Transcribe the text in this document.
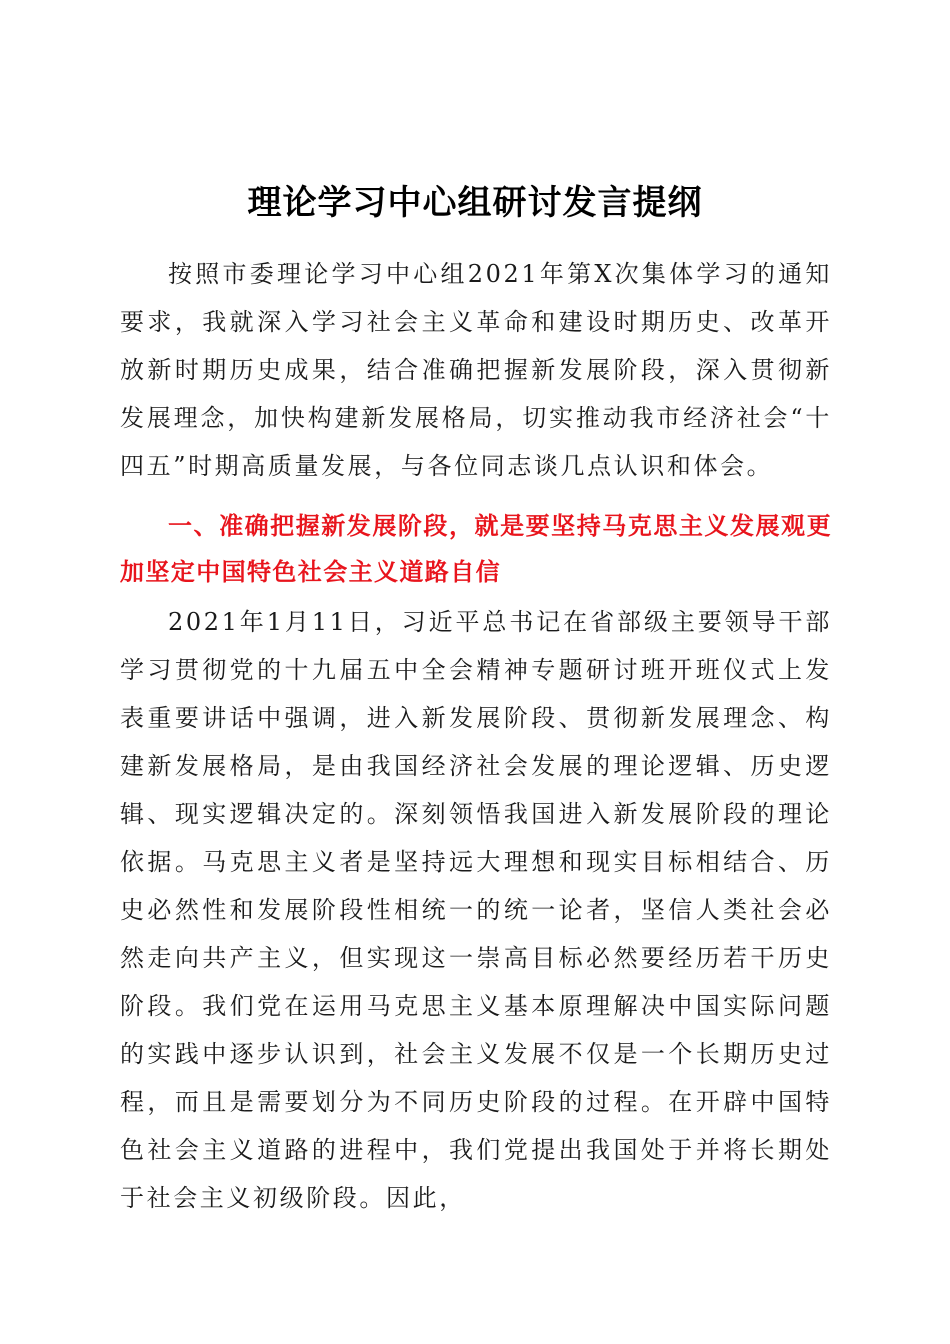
理论学习中心组研讨发言提纲

按照市委理论学习中心组2021年第X次集体学习的通知要求，我就深入学习社会主义革命和建设时期历史、改革开放新时期历史成果，结合准确把握新发展阶段，深入贯彻新发展理念，加快构建新发展格局，切实推动我市经济社会“十四五”时期高质量发展，与各位同志谈几点认识和体会。

一、准确把握新发展阶段，就是要坚持马克思主义发展观更加坚定中国特色社会主义道路自信

2021年1月11日，习近平总书记在省部级主要领导干部学习贯彻党的十九届五中全会精神专题研讨班开班仪式上发表重要讲话中强调，进入新发展阶段、贯彻新发展理念、构建新发展格局，是由我国经济社会发展的理论逻辑、历史逻辑、现实逻辑决定的。深刻领悟我国进入新发展阶段的理论依据。马克思主义者是坚持远大理想和现实目标相结合、历史必然性和发展阶段性相统一的统一论者，坚信人类社会必然走向共产主义，但实现这一崇高目标必然要经历若干历史阶段。我们党在运用马克思主义基本原理解决中国实际问题的实践中逐步认识到，社会主义发展不仅是一个长期历史过程，而且是需要划分为不同历史阶段的过程。在开辟中国特色社会主义道路的进程中，我们党提出我国处于并将长期处于社会主义初级阶段。因此，
